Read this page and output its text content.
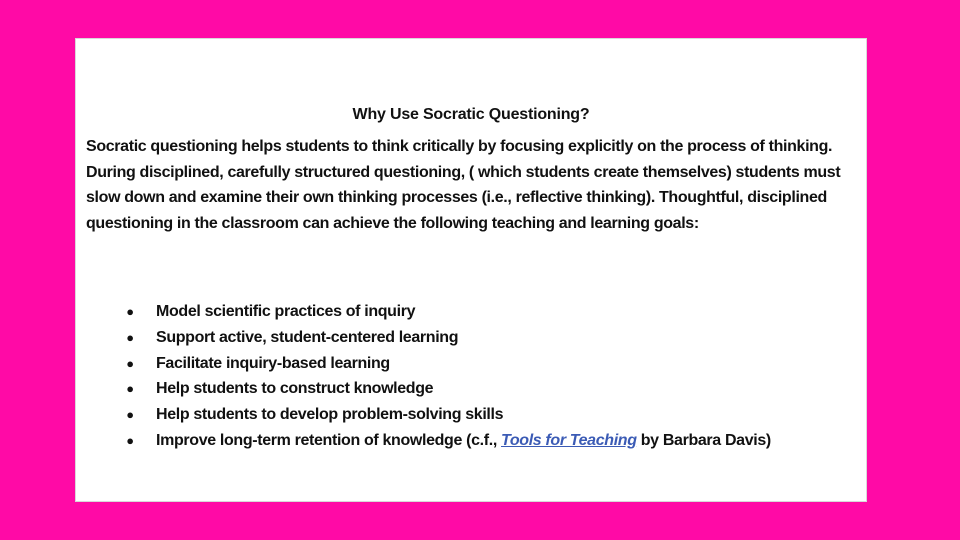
Why Use Socratic Questioning?

Socratic questioning helps students to think critically by focusing explicitly on the process of thinking. During disciplined, carefully structured questioning, ( which students create themselves) students must slow down and examine their own thinking processes (i.e., reflective thinking). Thoughtful, disciplined questioning in the classroom can achieve the following teaching and learning goals:

● Model scientific practices of inquiry
● Support active, student-centered learning
● Facilitate inquiry-based learning
● Help students to construct knowledge
● Help students to develop problem-solving skills
● Improve long-term retention of knowledge (c.f., Tools for Teaching by Barbara Davis)
